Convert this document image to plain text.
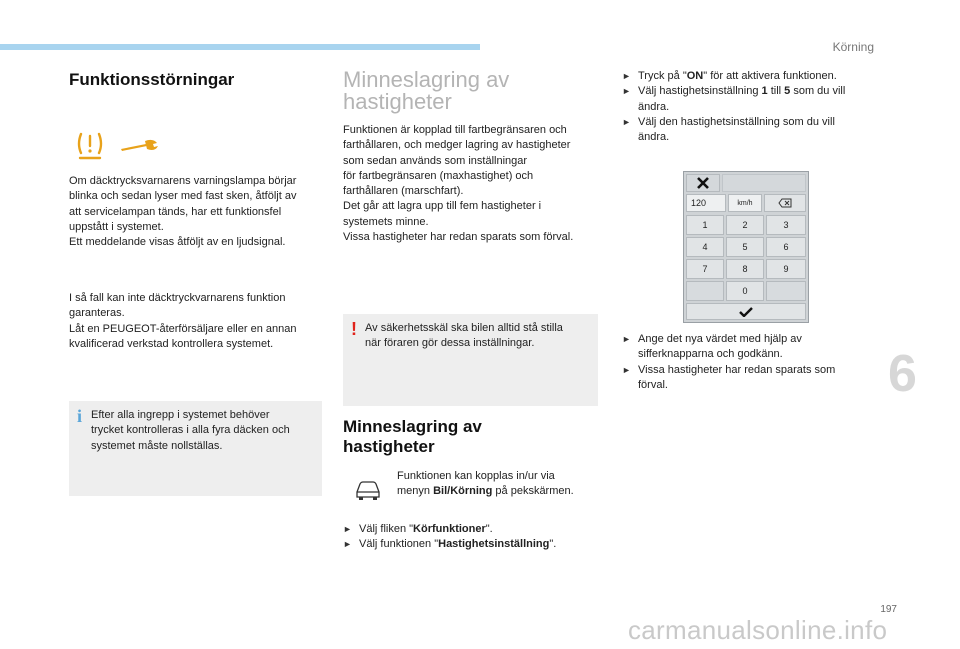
Körning
6
Funktionsstörningar

Om däcktrycksvarnarens varningslampa börjar

blinka och sedan lyser med fast sken, åtföljt av

att servicelampan tänds, har ett funktionsfel

uppstått i systemet.

Ett meddelande visas åtföljt av en ljudsignal.

I så fall kan inte däcktryckvarnarens funktion

garanteras.

Låt en PEUGEOT-återförsäljare eller en annan

kvalificerad verkstad kontrollera systemet.

i Efter alla ingrepp i systemet behöver

trycket kontrolleras i alla fyra däcken och

systemet måste nollställas.

Minneslagring av
hastigheter

Funktionen är kopplad till fartbegränsaren och

farthållaren, och medger lagring av hastigheter

som sedan används som inställningar

för fartbegränsaren (maxhastighet) och

farthållaren (marschfart).

Det går att lagra upp till fem hastigheter i

systemets minne.

Vissa hastigheter har redan sparats som förval.

! Av säkerhetsskäl ska bilen alltid stå stilla

när föraren gör dessa inställningar.

Minneslagring av
hastigheter

Funktionen kan kopplas in/ur via

menyn Bil/Körning på pekskärmen.

► Välj fliken "Körfunktioner".
► Välj funktionen "Hastighetsinställning".
► Tryck på "ON" för att aktivera funktionen.
► Välj hastighetsinställning 1 till 5 som du vill
ändra.
► Välj den hastighetsinställning som du vill
ändra.
120	km/h
1	2	3
4	5	6
7	8	9
0
► Ange det nya värdet med hjälp av
sifferknapparna och godkänn.
► Vissa hastigheter har redan sparats som
förval.
197
carmanualsonline.info
